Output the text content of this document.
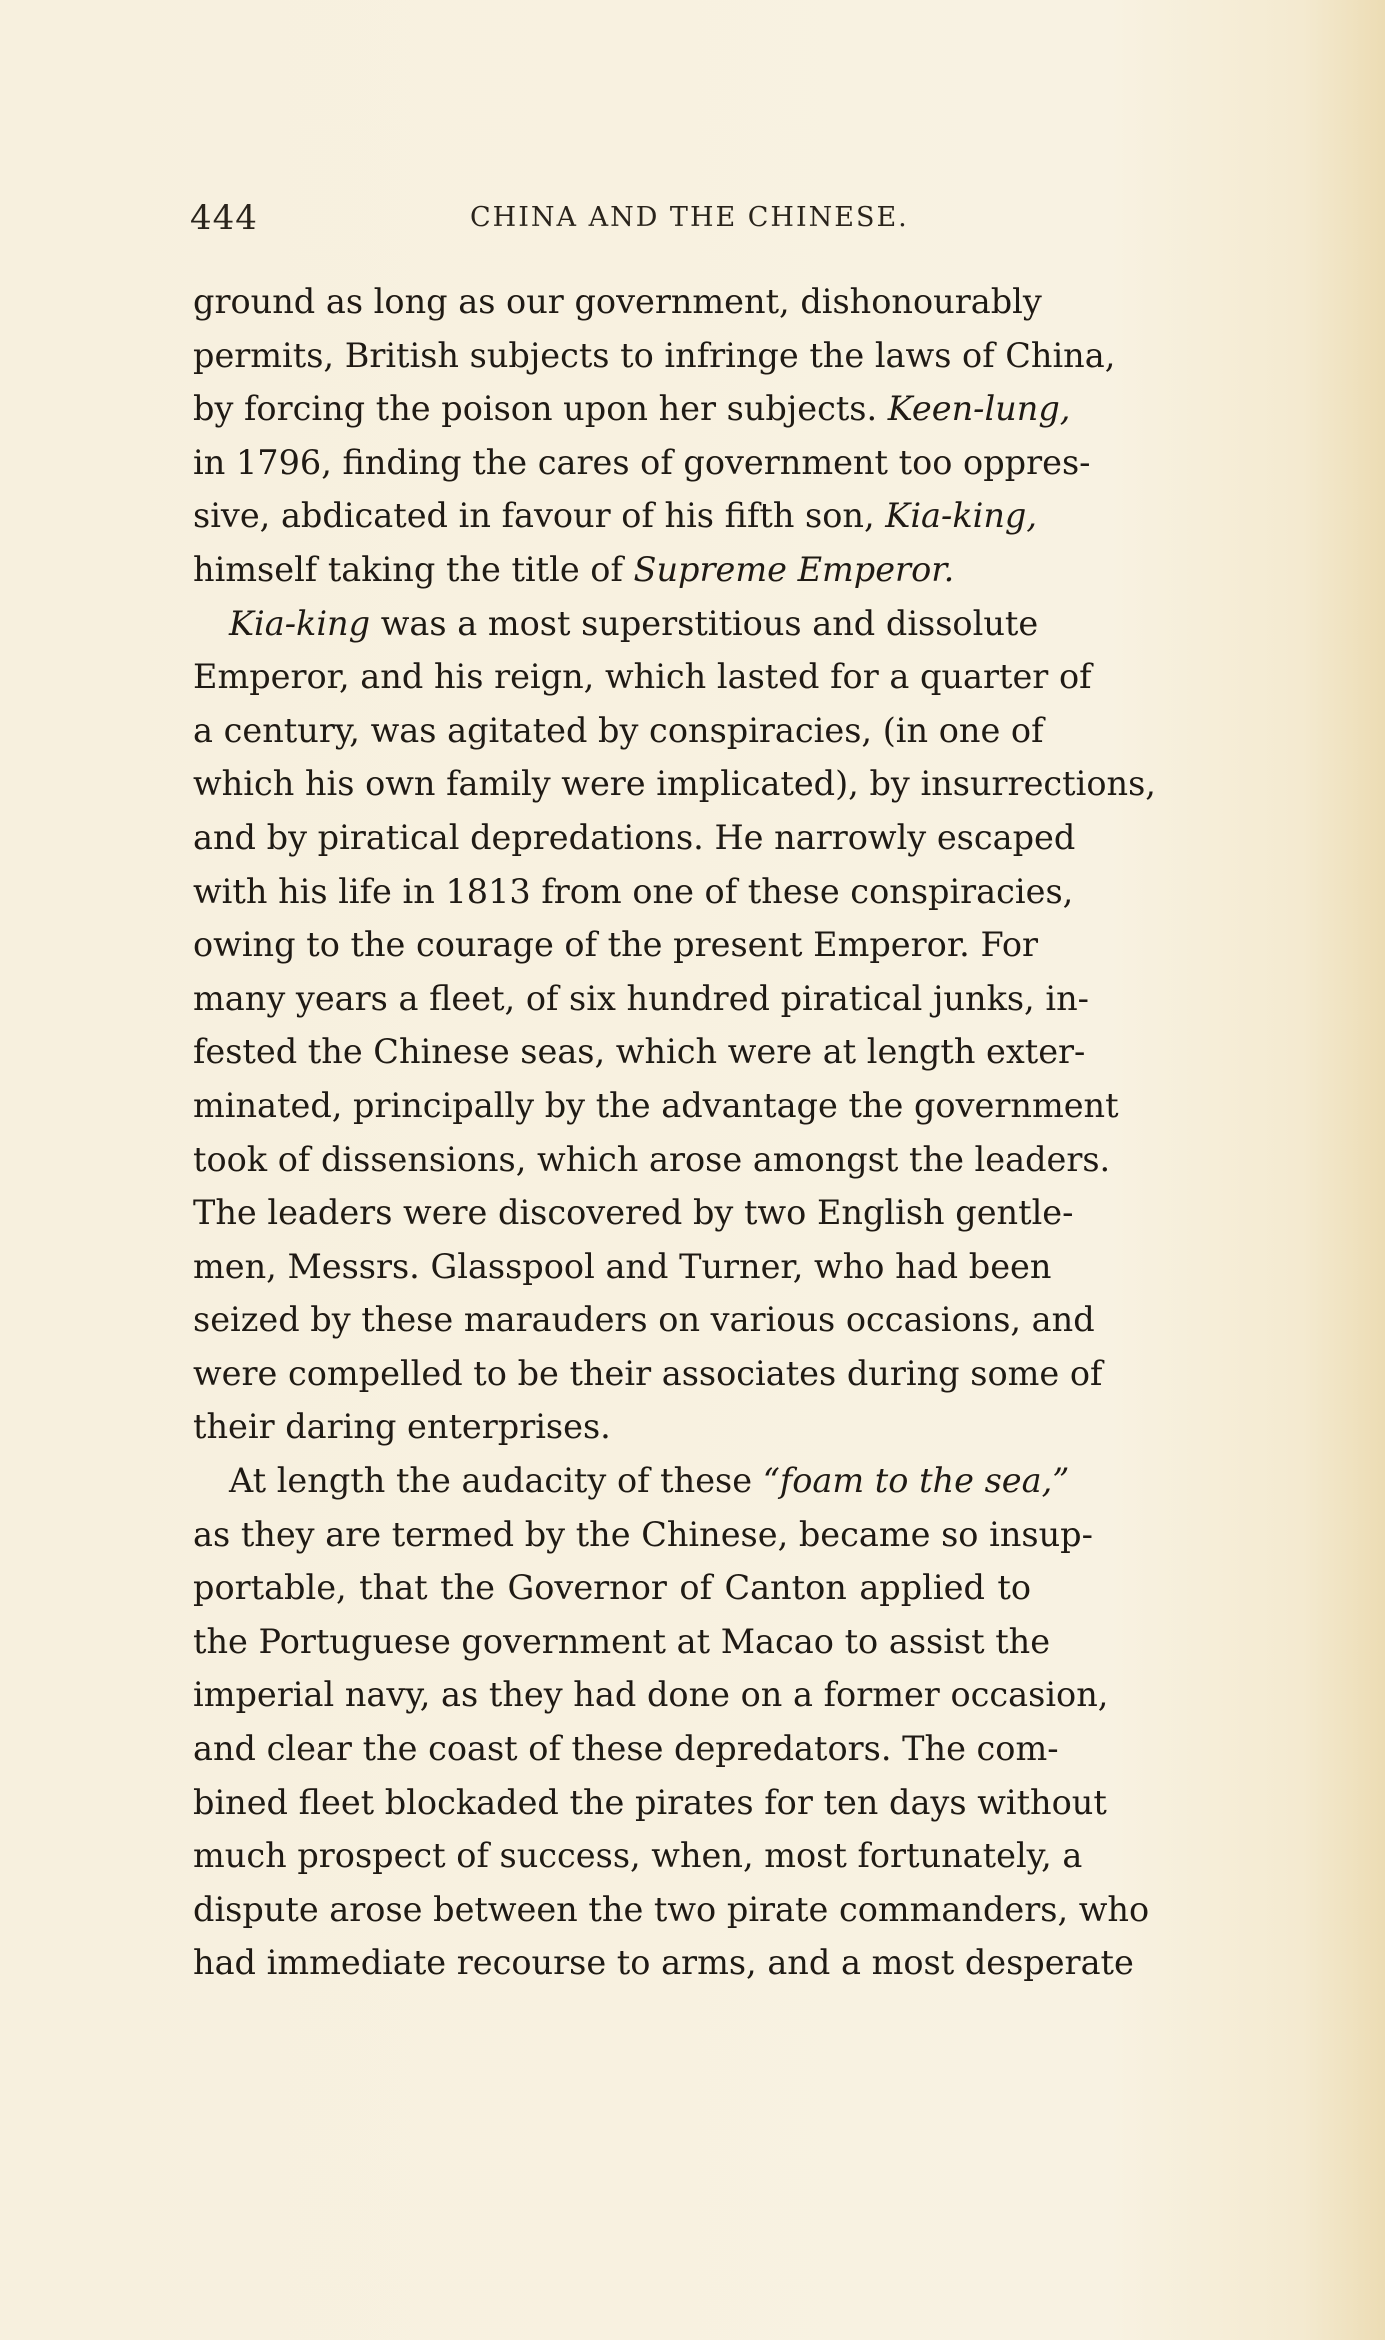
444	CHINA AND THE CHINESE.
ground as long as our government, dishonourably
permits, British subjects to infringe the laws of China,
by forcing the poison upon her subjects. Keen-lung,
in 1796, finding the cares of government too oppres-
sive, abdicated in favour of his fifth son, Kia-king,
himself taking the title of Supreme Emperor.
Kia-king was a most superstitious and dissolute
Emperor, and his reign, which lasted for a quarter of
a century, was agitated by conspiracies, (in one of
which his own family were implicated), by insurrections,
and by piratical depredations. He narrowly escaped
with his life in 1813 from one of these conspiracies,
owing to the courage of the present Emperor. For
many years a fleet, of six hundred piratical junks, in-
fested the Chinese seas, which were at length exter-
minated, principally by the advantage the government
took of dissensions, which arose amongst the leaders.
The leaders were discovered by two English gentle-
men, Messrs. Glasspool and Turner, who had been
seized by these marauders on various occasions, and
were compelled to be their associates during some of
their daring enterprises.
At length the audacity of these “foam to the sea,”
as they are termed by the Chinese, became so insup-
portable, that the Governor of Canton applied to
the Portuguese government at Macao to assist the
imperial navy, as they had done on a former occasion,
and clear the coast of these depredators. The com-
bined fleet blockaded the pirates for ten days without
much prospect of success, when, most fortunately, a
dispute arose between the two pirate commanders, who
had immediate recourse to arms, and a most desperate
